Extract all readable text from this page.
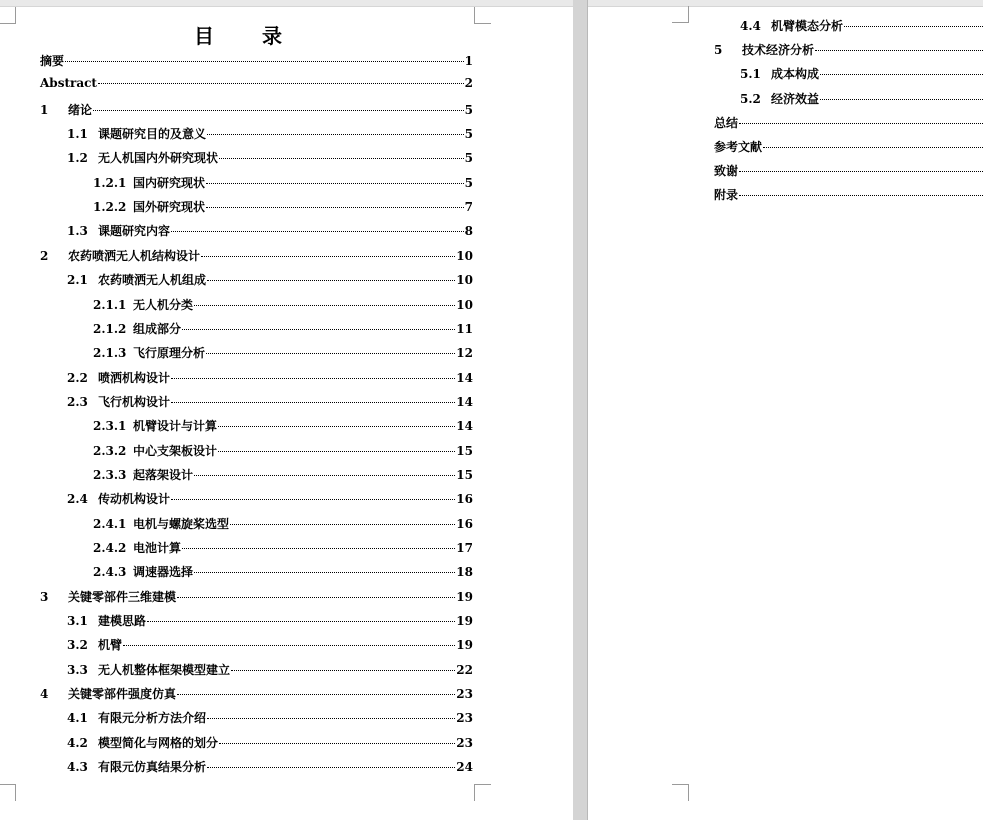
目　录
摘要	1
Abstract	2
1	绪论	5
1.1 课题研究目的及意义	5
1.2 无人机国内外研究现状	5
1.2.1 国内研究现状	5
1.2.2 国外研究现状	7
1.3 课题研究内容	8
2	农药喷洒无人机结构设计	10
2.1 农药喷洒无人机组成	10
2.1.1 无人机分类	10
2.1.2 组成部分	11
2.1.3 飞行原理分析	12
2.2 喷洒机构设计	14
2.3 飞行机构设计	14
2.3.1 机臂设计与计算	14
2.3.2 中心支架板设计	15
2.3.3 起落架设计	15
2.4 传动机构设计	16
2.4.1 电机与螺旋桨选型	16
2.4.2 电池计算	17
2.4.3 调速器选择	18
3	关键零部件三维建模	19
3.1 建模思路	19
3.2 机臂	19
3.3 无人机整体框架模型建立	22
4	关键零部件强度仿真	23
4.1 有限元分析方法介绍	23
4.2 模型简化与网格的划分	23
4.3 有限元仿真结果分析	24
4.4 机臂模态分析
5	技术经济分析
5.1 成本构成
5.2 经济效益
总结
参考文献
致谢
附录
